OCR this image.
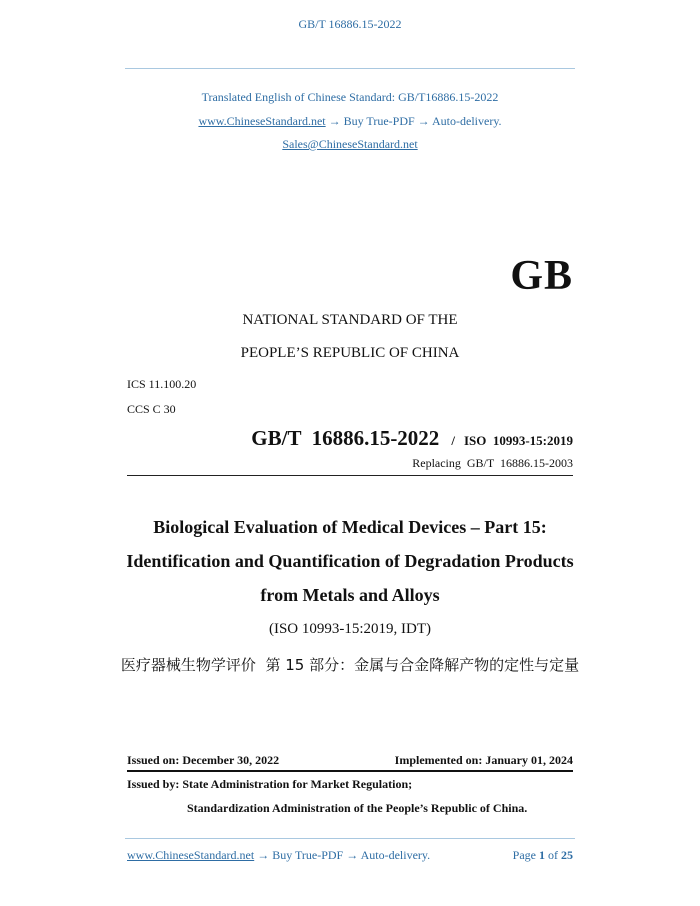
GB/T 16886.15-2022
Translated English of Chinese Standard: GB/T16886.15-2022
www.ChineseStandard.net → Buy True-PDF → Auto-delivery.
Sales@ChineseStandard.net
GB
NATIONAL STANDARD OF THE
PEOPLE’S REPUBLIC OF CHINA
ICS 11.100.20
CCS C 30
GB/T  16886.15-2022 / ISO  10993-15:2019
Replacing  GB/T  16886.15-2003
Biological Evaluation of Medical Devices – Part 15:
Identification and Quantification of Degradation Products
from Metals and Alloys
(ISO 10993-15:2019, IDT)
医疗器械生物学评价  第 15 部分：金属与合金降解产物的定性与定量
Issued on: December 30, 2022	Implemented on: January 01, 2024
Issued by: State Administration for Market Regulation;
Standardization Administration of the People’s Republic of China.
www.ChineseStandard.net → Buy True-PDF → Auto-delivery.	Page 1 of 25
